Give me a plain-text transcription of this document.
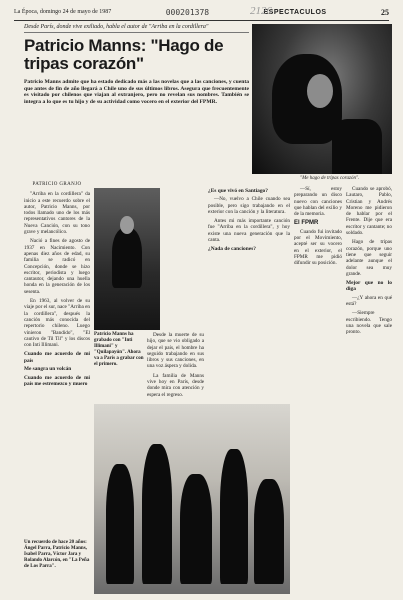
La Época, domingo 24 de mayo de 1987	000201378	ESPECTACULOS	25
2126
Desde París, donde vive exiliado, habla el autor de "Arriba en la cordillera"
Patricio Manns: "Hago de tripas corazón"
Patricio Manns admite que ha estado dedicado más a las novelas que a las canciones, y cuenta que antes de fin de año llegará a Chile uno de sus últimos libros. Asegura que frecuentemente es visitado por chilenos que viajan al extranjero, pero no revelan sus nombres. También se integra a lo que es tu hijo y de su actividad como vocero en el exterior del FPMR.
"Me hago de tripas corazón".
PATRICIO GRANJO

"Arriba en la cordillera" da inicio a este recuerdo sobre el autor, Patricio Manns, por todos llamado uno de los más representativos cantores de la Nueva Canción, con su tono grave y melancólico.

Nació a fines de agosto de 1937 en Nacimiento. Con apenas diez años de edad, su familia se radicó en Concepción, donde se hizo escritor, periodista y luego cantautor, dejando una huella honda en la generación de los sesenta.

En 1963, al volver de su viaje por el sur, nace "Arriba en la cordillera", después la canción más conocida del repertorio chileno. Luego vinieron "Bandido", "El cautivo de Til Til" y los discos con Inti Illimani.

Cuando me acuerdo de mi país
Me sangra un volcán
Cuando me acuerdo de mi país me estremezco y muero
Un recuerdo de hace 20 años: Ángel Parra, Patricio Manns, Isabel Parra, Víctor Jara y Rolando Alarcón, en "La Peña de Los Parra".
Patricio Manns ha grabado con "Inti Illimani" y "Quilapayún". Ahora va a París a grabar con el primero.

Desde la muerte de su hijo, que se vio obligado a dejar el país, el hombre ha seguido trabajando en sus libros y sus canciones, en una voz áspera y dolida.

La familia de Manns vive hoy en París, desde donde mira con atención y espera el regreso.

¿Es que vivó en Santiago?

—No, vuelvo a Chile cuando sea posible, pero sigo trabajando en el exterior con la canción y la literatura.

Antes mi más importante canción fue "Arriba en la cordillera", y hoy existe una nueva generación que la canta.

¿Nada de canciones?

—Sí, estoy preparando un disco nuevo con canciones que hablan del exilio y de la memoria.

El FPMR

Cuando fui invitado por el Movimiento, acepté ser su vocero en el exterior, el FPMR me pidió difundir su posición.

Cuando se aprobó, Lautaro, Pablo, Cristian y Andrés Moreno me pidieron de hablar por el Frente. Dije que era escritor y cantante; no soldado.

Hago de tripas corazón, porque uno tiene que seguir adelante aunque el dolor sea muy grande.

Mejor que no lo diga

—¿Y ahora en qué está?

—Siempre escribiendo. Tengo una novela que sale pronto.
